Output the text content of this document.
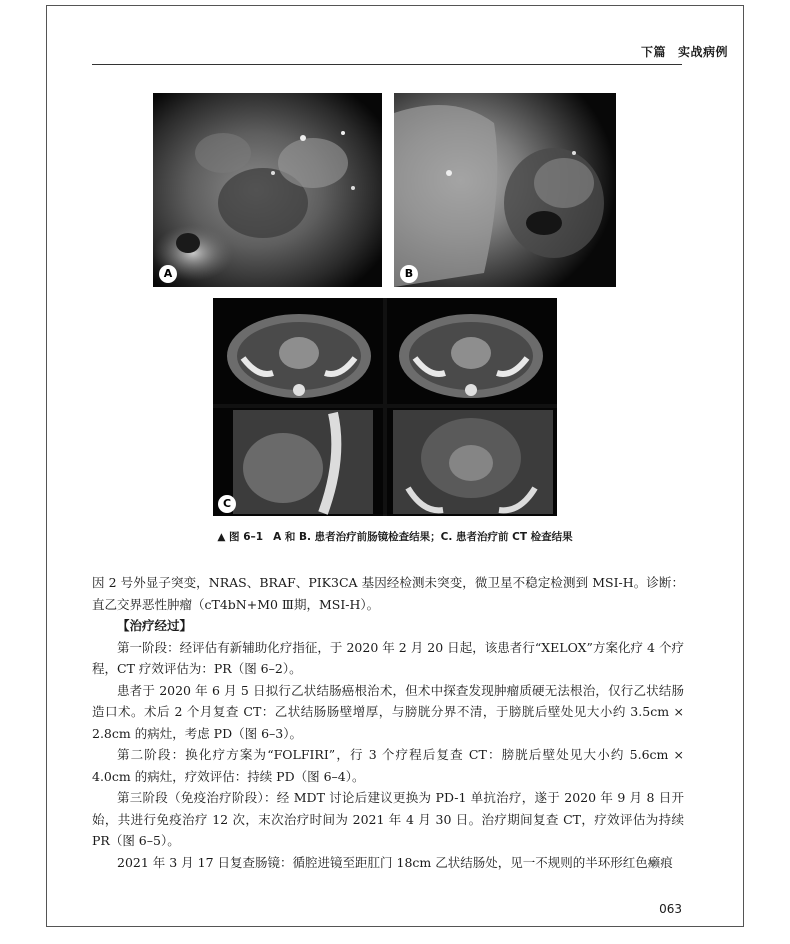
下篇 实战病例
A	B
C
▲ 图 6–1 A 和 B. 患者治疗前肠镜检查结果；C. 患者治疗前 CT 检查结果

因 2 号外显子突变，NRAS、BRAF、PIK3CA 基因经检测未突变，微卫星不稳定检测到 MSI-H。诊断：直乙交界恶性肿瘤（cT4bN+M0 Ⅲ期，MSI-H）。

【治疗经过】

第一阶段：经评估有新辅助化疗指征，于 2020 年 2 月 20 日起，该患者行“XELOX”方案化疗 4 个疗程，CT 疗效评估为：PR（图 6–2）。

患者于 2020 年 6 月 5 日拟行乙状结肠癌根治术，但术中探查发现肿瘤质硬无法根治，仅行乙状结肠造口术。术后 2 个月复查 CT：乙状结肠肠壁增厚，与膀胱分界不清，于膀胱后壁处见大小约 3.5cm × 2.8cm 的病灶，考虑 PD（图 6–3）。

第二阶段：换化疗方案为“FOLFIRI”，行 3 个疗程后复查 CT：膀胱后壁处见大小约 5.6cm × 4.0cm 的病灶，疗效评估：持续 PD（图 6–4）。

第三阶段（免疫治疗阶段）：经 MDT 讨论后建议更换为 PD-1 单抗治疗，遂于 2020 年 9 月 8 日开始，共进行免疫治疗 12 次，末次治疗时间为 2021 年 4 月 30 日。治疗期间复查 CT，疗效评估为持续 PR（图 6–5）。

2021 年 3 月 17 日复查肠镜：循腔进镜至距肛门 18cm 乙状结肠处，见一不规则的半环形红色癞痕

063
